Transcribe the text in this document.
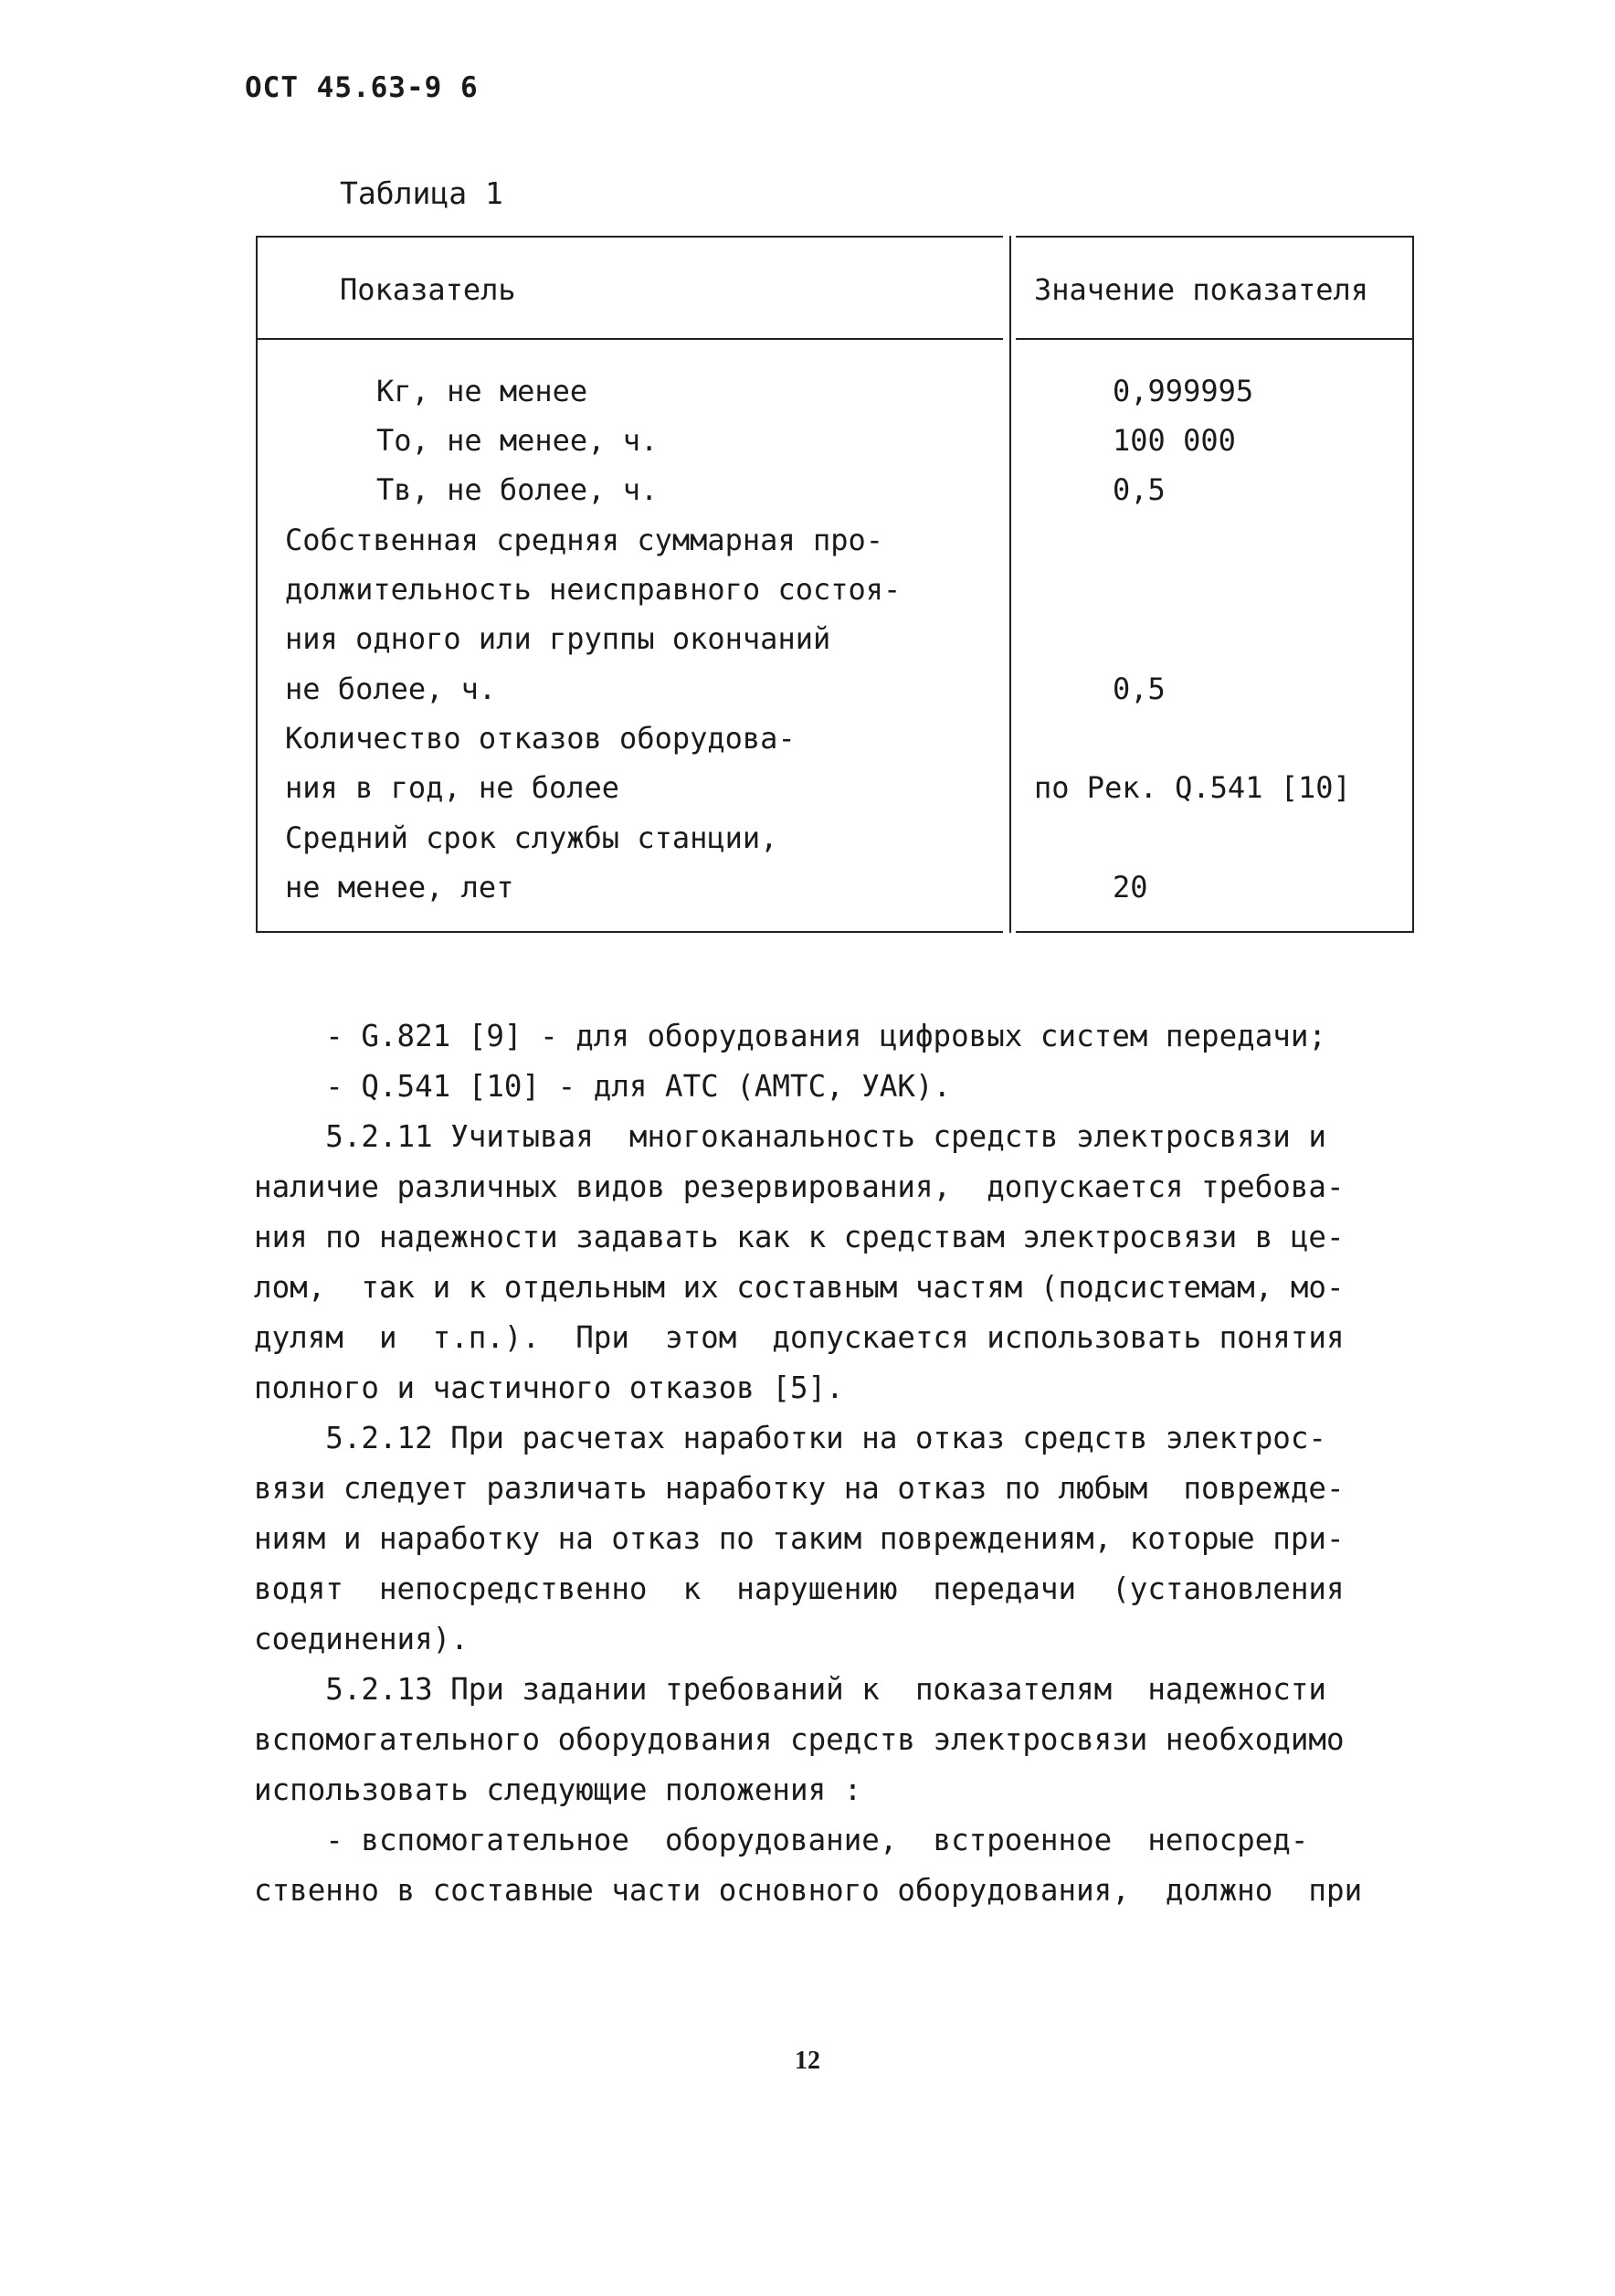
ОСТ 45.63-9 6
Таблица 1
Показатель	Значение показателя
Кг, не менее	0,999995
То, не менее, ч.	100 000
Тв, не более, ч.	0,5
Собственная средняя суммарная про-
должительность неисправного состоя-
ния одного или группы окончаний
не более, ч.	0,5
Количество отказов оборудова-
ния в год, не более	по Рек. Q.541 [10]
Средний срок службы станции,
не менее, лет	20
- G.821 [9] - для оборудования цифровых систем передачи;
- Q.541 [10] - для АТС (АМТС, УАК).
5.2.11 Учитывая  многоканальность средств электросвязи и
наличие различных видов резервирования,  допускается требова-
ния по надежности задавать как к средствам электросвязи в це-
лом,  так и к отдельным их составным частям (подсистемам, мо-
дулям  и  т.п.).  При  этом  допускается использовать понятия
полного и частичного отказов [5].
5.2.12 При расчетах наработки на отказ средств электрос-
вязи следует различать наработку на отказ по любым  поврежде-
ниям и наработку на отказ по таким повреждениям, которые при-
водят  непосредственно  к  нарушению  передачи  (установления
соединения).
5.2.13 При задании требований к  показателям  надежности
вспомогательного оборудования средств электросвязи необходимо
использовать следующие положения :
- вспомогательное  оборудование,  встроенное  непосред-
ственно в составные части основного оборудования,  должно  при
12
